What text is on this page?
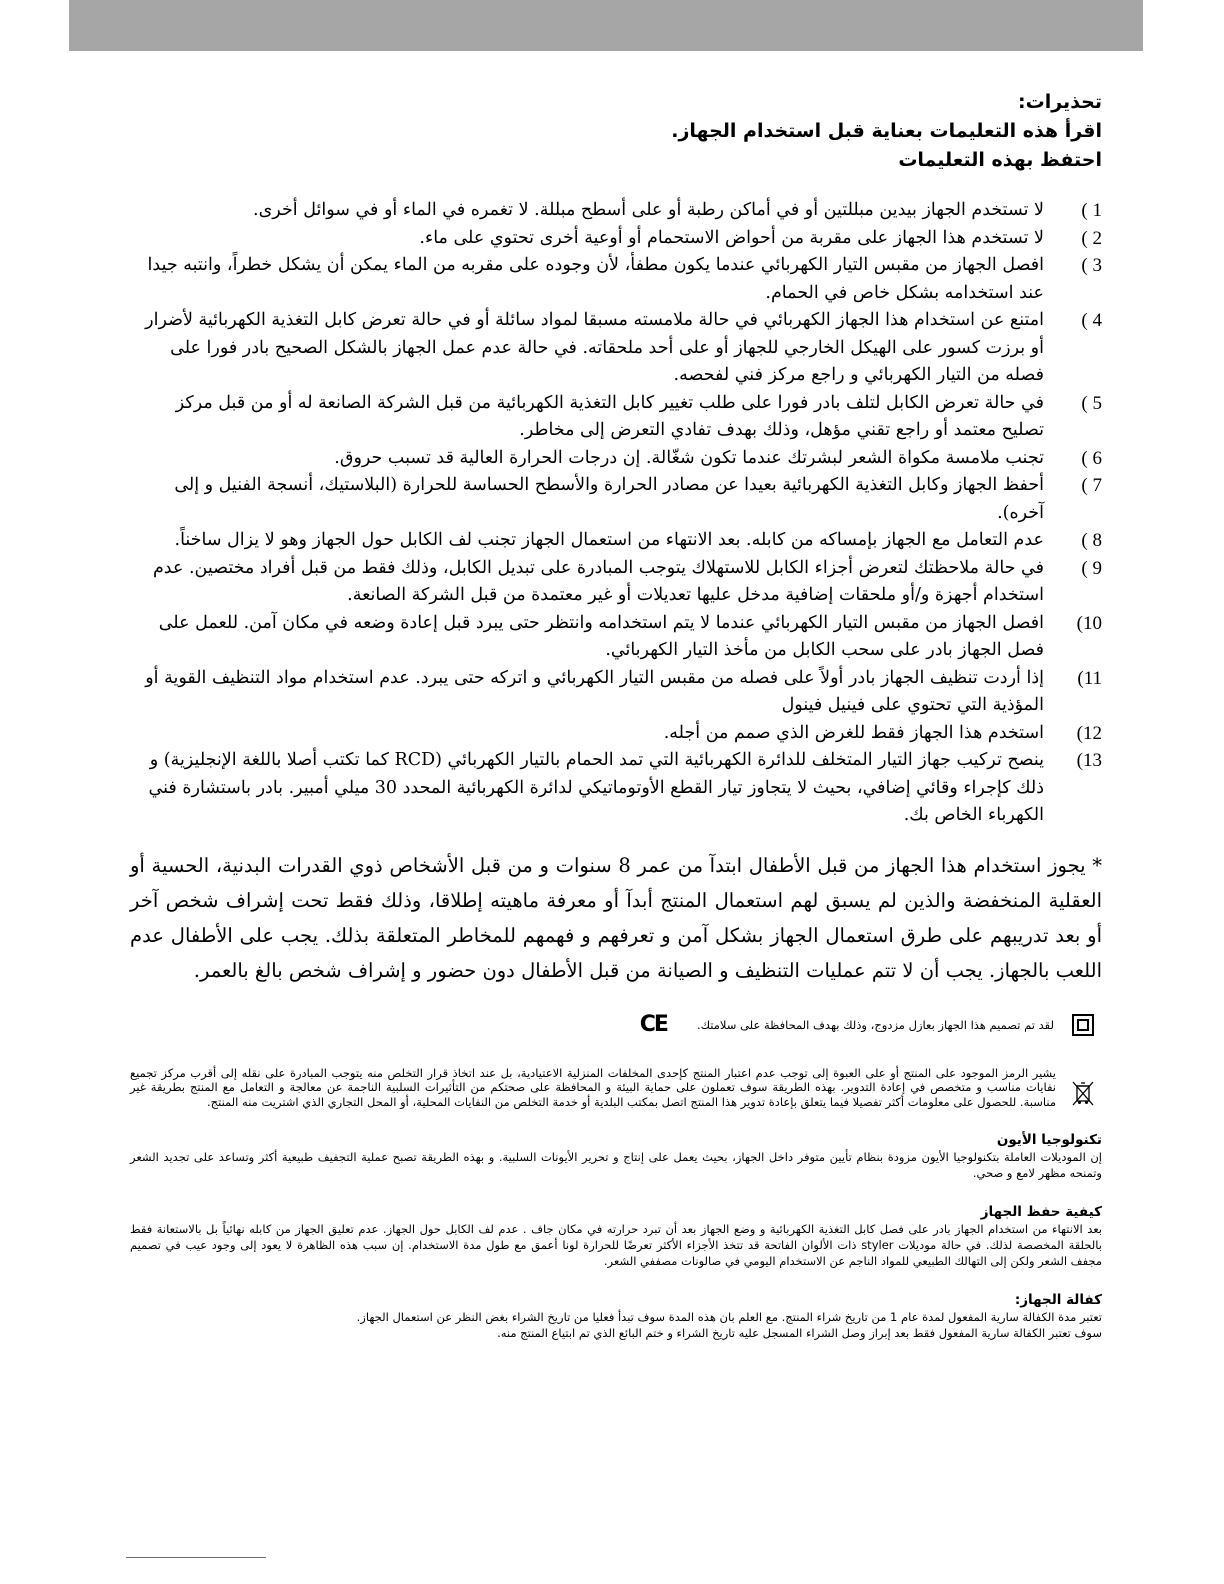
تحذيرات:
اقرأ هذه التعليمات بعناية قبل استخدام الجهاز.
احتفظ بهذه التعليمات
1 )
لا تستخدم الجهاز بيدين مبللتين أو في أماكن رطبة أو على أسطح مبللة. لا تغمره في الماء أو في سوائل أخرى.
2 )
لا تستخدم هذا الجهاز على مقربة من أحواض الاستحمام أو أوعية أخرى تحتوي على ماء.
3 )
افصل الجهاز من مقبس التيار الكهربائي عندما يكون مطفأ، لأن وجوده على مقربه من الماء يمكن أن يشكل خطراً، وانتبه جيدا عند استخدامه بشكل خاص في الحمام.
4 )
امتنع عن استخدام هذا الجهاز الكهربائي في حالة ملامسته مسبقا لمواد سائلة أو في حالة تعرض كابل التغذية الكهربائية لأضرار أو برزت كسور على الهيكل الخارجي للجهاز أو على أحد ملحقاته. في حالة عدم عمل الجهاز بالشكل الصحيح بادر فورا على فصله من التيار الكهربائي و راجع مركز فني لفحصه.
5 )
في حالة تعرض الكابل لتلف بادر فورا على طلب تغيير كابل التغذية الكهربائية من قبل الشركة الصانعة له أو من قبل مركز تصليح معتمد أو راجع تقني مؤهل، وذلك بهدف تفادي التعرض إلى مخاطر.
6 )
تجنب ملامسة مكواة الشعر لبشرتك عندما تكون شغّالة. إن درجات الحرارة العالية قد تسبب حروق.
7 )
أحفظ الجهاز وكابل التغذية الكهربائية بعيدا عن مصادر الحرارة والأسطح الحساسة للحرارة (البلاستيك، أنسجة الفنيل و إلى آخره).
8 )
عدم التعامل مع الجهاز بإمساكه من كابله. بعد الانتهاء من استعمال الجهاز تجنب لف الكابل حول الجهاز وهو لا يزال ساخناً.
9 )
في حالة ملاحظتك لتعرض أجزاء الكابل للاستهلاك يتوجب المبادرة على تبديل الكابل، وذلك فقط من قبل أفراد مختصين. عدم استخدام أجهزة و/أو ملحقات إضافية مدخل عليها تعديلات أو غير معتمدة من قبل الشركة الصانعة.
10)
افصل الجهاز من مقبس التيار الكهربائي عندما لا يتم استخدامه وانتظر حتى يبرد قبل إعادة وضعه في مكان آمن. للعمل على فصل الجهاز بادر على سحب الكابل من مأخذ التيار الكهربائي.
11)
إذا أردت تنظيف الجهاز بادر أولاً على فصله من مقبس التيار الكهربائي و اتركه حتى يبرد. عدم استخدام مواد التنظيف القوية أو المؤذية التي تحتوي على فينيل فينول
12)
استخدم هذا الجهاز فقط للغرض الذي صمم من أجله.
13)
ينصح تركيب جهاز التيار المتخلف للدائرة الكهربائية التي تمد الحمام بالتيار الكهربائي (RCD كما تكتب أصلا باللغة الإنجليزية) و ذلك كإجراء وقائي إضافي، بحيث لا يتجاوز تيار القطع الأوتوماتيكي لدائرة الكهربائية المحدد 30 ميلي أمبير. بادر باستشارة فني الكهرباء الخاص بك.
* يجوز استخدام هذا الجهاز من قبل الأطفال ابتدآ من عمر 8 سنوات و من قبل الأشخاص ذوي القدرات البدنية، الحسية أو العقلية المنخفضة والذين لم يسبق لهم استعمال المنتج أبدآ أو معرفة ماهيته إطلاقا، وذلك فقط تحت إشراف شخص آخر أو بعد تدريبهم على طرق استعمال الجهاز بشكل آمن و تعرفهم و فهمهم للمخاطر المتعلقة بذلك. يجب على الأطفال عدم اللعب بالجهاز. يجب أن لا تتم عمليات التنظيف و الصيانة من قبل الأطفال دون حضور و إشراف شخص بالغ بالعمر.
لقد تم تصميم هذا الجهاز بعازل مزدوج، وذلك بهدف المحافظة على سلامتك.
CE
يشير الرمز الموجود على المنتج أو على العبوة إلى توجب عدم اعتبار المنتج كإحدى المخلفات المنزلية الاعتيادية، بل عند اتخاذ قرار التخلص منه يتوجب المبادرة على نقله إلى أقرب مركز تجميع نفايات مناسب و متخصص في إعادة التدوير. بهذه الطريقة سوف تعملون على حماية البيئة و المحافظة على صحتكم من التأثيرات السلبية الناجمة عن معالجة و التعامل مع المنتج بطريقة غير مناسبة. للحصول على معلومات أكثر تفصيلا فيما يتعلق بإعادة تدوير هذا المنتج اتصل بمكتب البلدية أو خدمة التخلص من النفايات المحلية، أو المحل التجاري الذي اشتريت منه المنتج.
تكنولوجيا الأيون
إن الموديلات العاملة بتكنولوجيا الأيون مزودة بنظام تأيين متوفر داخل الجهاز، بحيث يعمل على إنتاج و تحرير الأيونات السلبية. و بهذه الطريقة تصبح عملية التجفيف طبيعية أكثر وتساعد على تجديد الشعر وتمنحه مظهر لامع و صحي.
كيفية حفظ الجهاز
بعد الانتهاء من استخدام الجهاز بادر على فصل كابل التغذية الكهربائية و وضع الجهاز بعد أن تبرد حرارته في مكان جاف . عدم لف الكابل حول الجهاز. عدم تعليق الجهاز من كابله نهائياً بل بالاستعانة فقط بالحلقة المخصصة لذلك. في حالة موديلات styler ذات الألوان الفاتحة قد تتخذ الأجزاء الأكثر تعرضًا للحرارة لونا أعمق مع طول مدة الاستخدام. إن سبب هذه الظاهرة لا يعود إلى وجود عيب في تصميم مجفف الشعر ولكن إلى التهالك الطبيعي للمواد الناجم عن الاستخدام اليومي في صالونات مصففي الشعر.
كفالة الجهاز:
تعتبر مدة الكفالة سارية المفعول لمدة عام 1 من تاريخ شراء المنتج. مع العلم بان هذه المدة سوف تبدأ فعليا من تاريخ الشراء بغض النظر عن استعمال الجهاز.
سوف تعتبر الكفالة سارية المفعول فقط بعد إبراز وصل الشراء المسجل عليه تاريخ الشراء و ختم البائع الذي تم ابتياع المنتج منه.
